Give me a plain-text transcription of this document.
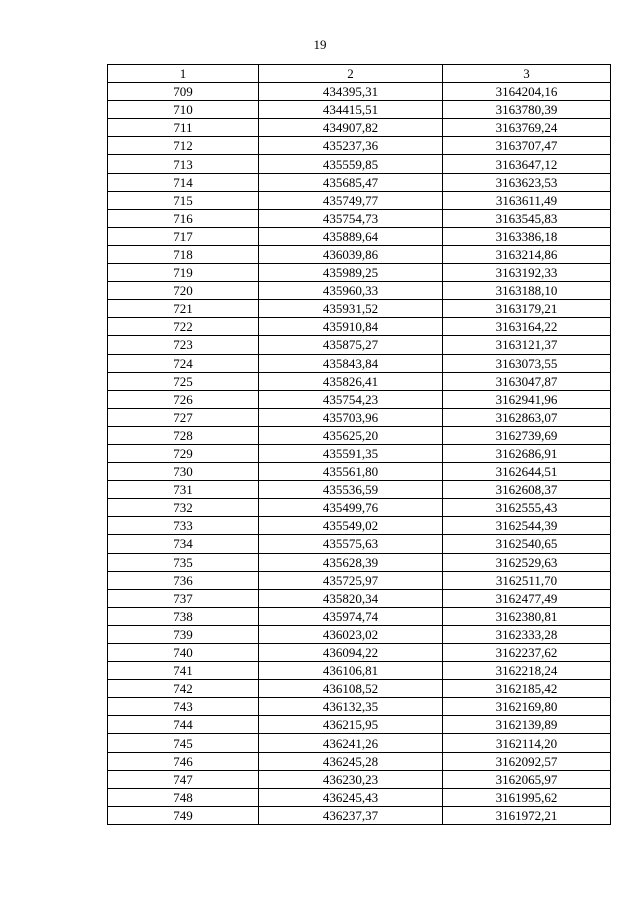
19
1	2	3
709	434395,31	3164204,16
710	434415,51	3163780,39
711	434907,82	3163769,24
712	435237,36	3163707,47
713	435559,85	3163647,12
714	435685,47	3163623,53
715	435749,77	3163611,49
716	435754,73	3163545,83
717	435889,64	3163386,18
718	436039,86	3163214,86
719	435989,25	3163192,33
720	435960,33	3163188,10
721	435931,52	3163179,21
722	435910,84	3163164,22
723	435875,27	3163121,37
724	435843,84	3163073,55
725	435826,41	3163047,87
726	435754,23	3162941,96
727	435703,96	3162863,07
728	435625,20	3162739,69
729	435591,35	3162686,91
730	435561,80	3162644,51
731	435536,59	3162608,37
732	435499,76	3162555,43
733	435549,02	3162544,39
734	435575,63	3162540,65
735	435628,39	3162529,63
736	435725,97	3162511,70
737	435820,34	3162477,49
738	435974,74	3162380,81
739	436023,02	3162333,28
740	436094,22	3162237,62
741	436106,81	3162218,24
742	436108,52	3162185,42
743	436132,35	3162169,80
744	436215,95	3162139,89
745	436241,26	3162114,20
746	436245,28	3162092,57
747	436230,23	3162065,97
748	436245,43	3161995,62
749	436237,37	3161972,21
